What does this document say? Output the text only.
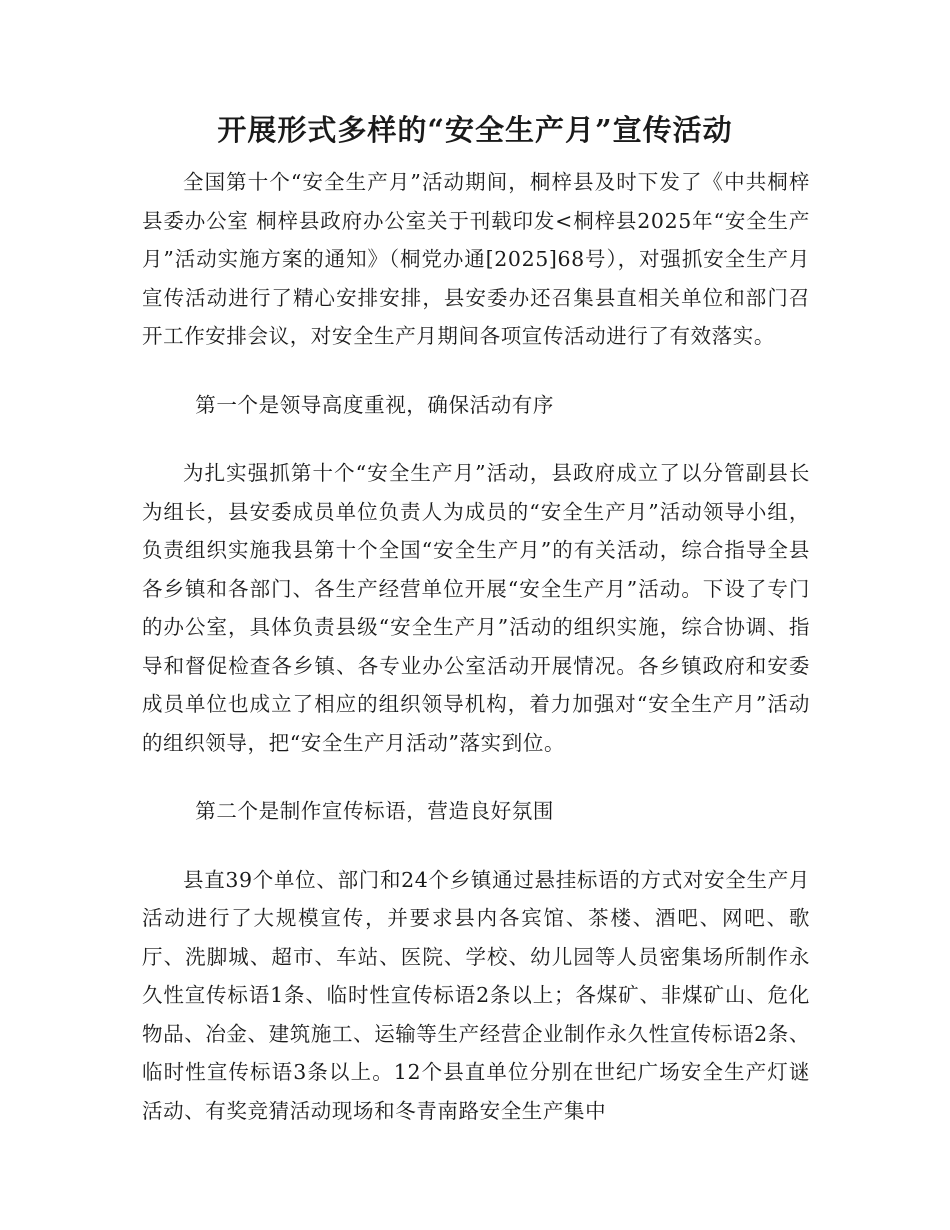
开展形式多样的“安全生产月”宣传活动

全国第十个“安全生产月”活动期间，桐梓县及时下发了《中共桐梓县委办公室 桐梓县政府办公室关于刊载印发<桐梓县2025年“安全生产月”活动实施方案的通知》（桐党办通[2025]68号），对强抓安全生产月宣传活动进行了精心安排安排，县安委办还召集县直相关单位和部门召开工作安排会议，对安全生产月期间各项宣传活动进行了有效落实。

第一个是领导高度重视，确保活动有序

为扎实强抓第十个“安全生产月”活动，县政府成立了以分管副县长为组长，县安委成员单位负责人为成员的“安全生产月”活动领导小组，负责组织实施我县第十个全国“安全生产月”的有关活动，综合指导全县各乡镇和各部门、各生产经营单位开展“安全生产月”活动。下设了专门的办公室，具体负责县级“安全生产月”活动的组织实施，综合协调、指导和督促检查各乡镇、各专业办公室活动开展情况。各乡镇政府和安委成员单位也成立了相应的组织领导机构，着力加强对“安全生产月”活动的组织领导，把“安全生产月活动”落实到位。

第二个是制作宣传标语，营造良好氛围

县直39个单位、部门和24个乡镇通过悬挂标语的方式对安全生产月活动进行了大规模宣传，并要求县内各宾馆、茶楼、酒吧、网吧、歌厅、洗脚城、超市、车站、医院、学校、幼儿园等人员密集场所制作永久性宣传标语1条、临时性宣传标语2条以上；各煤矿、非煤矿山、危化物品、冶金、建筑施工、运输等生产经营企业制作永久性宣传标语2条、临时性宣传标语3条以上。12个县直单位分别在世纪广场安全生产灯谜活动、有奖竞猜活动现场和冬青南路安全生产集中
